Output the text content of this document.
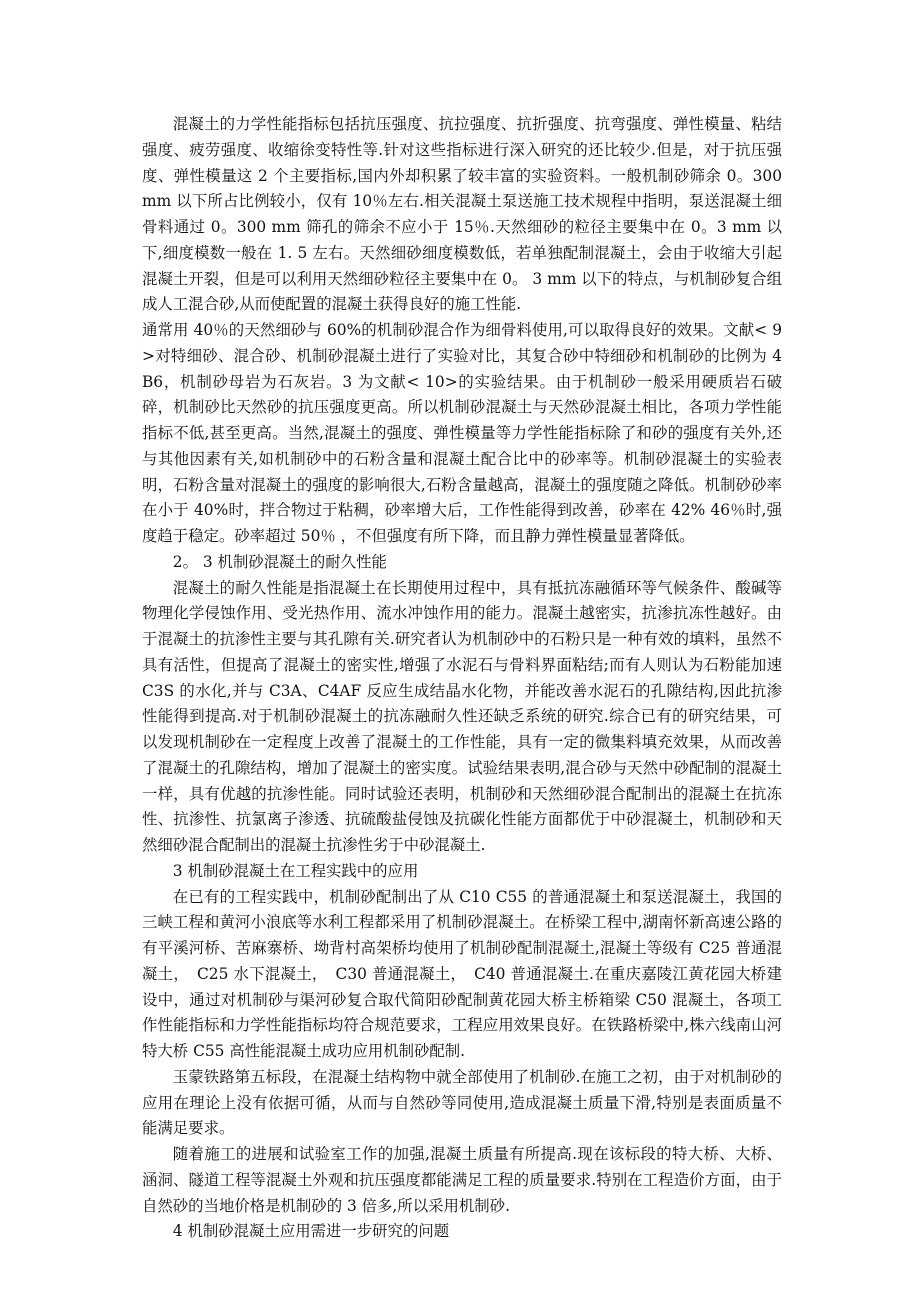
混凝土的力学性能指标包括抗压强度、抗拉强度、抗折强度、抗弯强度、弹性模量、粘结强度、疲劳强度、收缩徐变特性等.针对这些指标进行深入研究的还比较少.但是，对于抗压强度、弹性模量这 2 个主要指标,国内外却积累了较丰富的实验资料。一般机制砂筛余 0。300 mm 以下所占比例较小，仅有 10％左右.相关混凝土泵送施工技术规程中指明，泵送混凝土细骨料通过 0。300 mm 筛孔的筛余不应小于 15％.天然细砂的粒径主要集中在 0。3 mm 以下,细度模数一般在 1. 5 左右。天然细砂细度模数低，若单独配制混凝土，会由于收缩大引起混凝土开裂，但是可以利用天然细砂粒径主要集中在 0。 3 mm 以下的特点，与机制砂复合组成人工混合砂,从而使配置的混凝土获得良好的施工性能.

通常用 40％的天然细砂与 60%的机制砂混合作为细骨料使用,可以取得良好的效果。文献< 9 >对特细砂、混合砂、机制砂混凝土进行了实验对比，其复合砂中特细砂和机制砂的比例为 4 B6，机制砂母岩为石灰岩。3 为文献< 10>的实验结果。由于机制砂一般采用硬质岩石破碎，机制砂比天然砂的抗压强度更高。所以机制砂混凝土与天然砂混凝土相比，各项力学性能指标不低,甚至更高。当然,混凝土的强度、弹性模量等力学性能指标除了和砂的强度有关外,还与其他因素有关,如机制砂中的石粉含量和混凝土配合比中的砂率等。机制砂混凝土的实验表明，石粉含量对混凝土的强度的影响很大,石粉含量越高，混凝土的强度随之降低。机制砂砂率在小于 40%时，拌合物过于粘稠，砂率增大后，工作性能得到改善，砂率在 42% 46％时,强度趋于稳定。砂率超过 50％ ，不但强度有所下降，而且静力弹性模量显著降低。

2。 3 机制砂混凝土的耐久性能

混凝土的耐久性能是指混凝土在长期使用过程中，具有抵抗冻融循环等气候条件、酸碱等物理化学侵蚀作用、受光热作用、流水冲蚀作用的能力。混凝土越密实，抗渗抗冻性越好。由于混凝土的抗渗性主要与其孔隙有关.研究者认为机制砂中的石粉只是一种有效的填料，虽然不具有活性，但提高了混凝土的密实性,增强了水泥石与骨料界面粘结;而有人则认为石粉能加速 C3S 的水化,并与 C3A、C4AF 反应生成结晶水化物，并能改善水泥石的孔隙结构,因此抗渗性能得到提高.对于机制砂混凝土的抗冻融耐久性还缺乏系统的研究.综合已有的研究结果，可以发现机制砂在一定程度上改善了混凝土的工作性能，具有一定的微集料填充效果，从而改善了混凝土的孔隙结构，增加了混凝土的密实度。试验结果表明,混合砂与天然中砂配制的混凝土一样，具有优越的抗渗性能。同时试验还表明，机制砂和天然细砂混合配制出的混凝土在抗冻性、抗渗性、抗氯离子渗透、抗硫酸盐侵蚀及抗碳化性能方面都优于中砂混凝土，机制砂和天然细砂混合配制出的混凝土抗渗性劣于中砂混凝土.

3 机制砂混凝土在工程实践中的应用

在已有的工程实践中，机制砂配制出了从 C10 C55 的普通混凝土和泵送混凝土，我国的三峡工程和黄河小浪底等水利工程都采用了机制砂混凝土。在桥梁工程中,湖南怀新高速公路的有平溪河桥、苦麻寨桥、坳背村高架桥均使用了机制砂配制混凝土,混凝土等级有 C25 普通混凝土，　C25 水下混凝土，　C30 普通混凝土，　C40 普通混凝土.在重庆嘉陵江黄花园大桥建设中，通过对机制砂与渠河砂复合取代简阳砂配制黄花园大桥主桥箱梁 C50 混凝土，各项工作性能指标和力学性能指标均符合规范要求，工程应用效果良好。在铁路桥梁中,株六线南山河特大桥 C55 高性能混凝土成功应用机制砂配制.

玉蒙铁路第五标段，在混凝土结构物中就全部使用了机制砂.在施工之初，由于对机制砂的应用在理论上没有依据可循，从而与自然砂等同使用,造成混凝土质量下滑,特别是表面质量不能满足要求。

随着施工的进展和试验室工作的加强,混凝土质量有所提高.现在该标段的特大桥、大桥、涵洞、隧道工程等混凝土外观和抗压强度都能满足工程的质量要求.特别在工程造价方面，由于自然砂的当地价格是机制砂的 3 倍多,所以采用机制砂.

4 机制砂混凝土应用需进一步研究的问题
